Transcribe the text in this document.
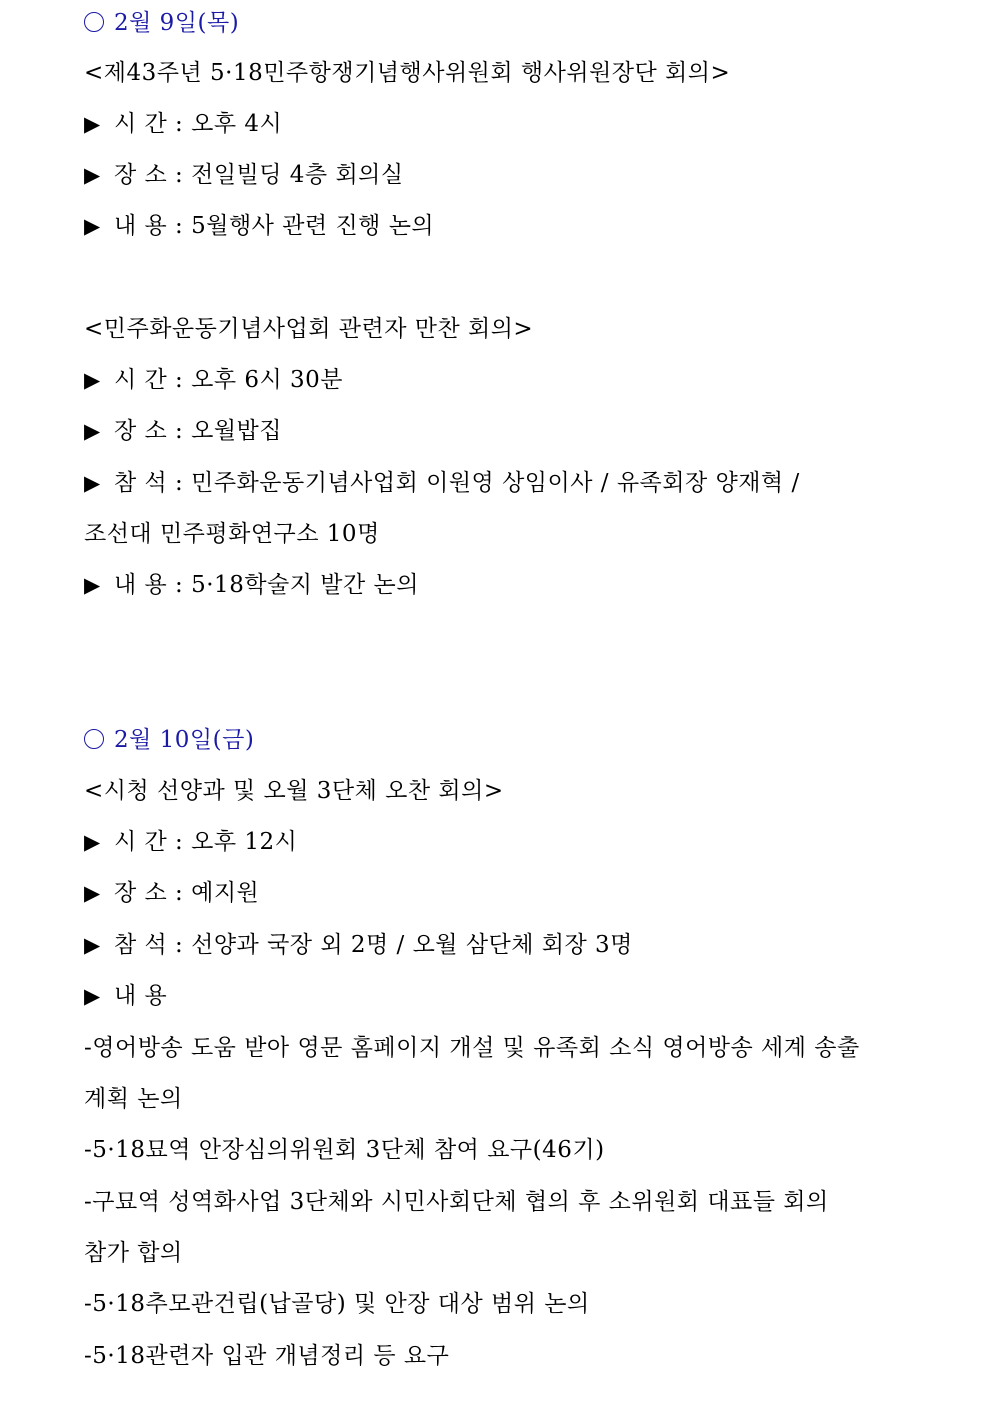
2월 9일(목)
<제43주년 5·18민주항쟁기념행사위원회 행사위원장단 회의>
▶ 시 간 : 오후 4시
▶ 장 소 : 전일빌딩 4층 회의실
▶ 내 용 : 5월행사 관련 진행 논의
<민주화운동기념사업회 관련자 만찬 회의>
▶ 시 간 : 오후 6시 30분
▶ 장 소 : 오월밥집
▶ 참 석 : 민주화운동기념사업회 이원영 상임이사 / 유족회장 양재혁 /
조선대 민주평화연구소 10명
▶ 내 용 : 5·18학술지 발간 논의
2월 10일(금)
<시청 선양과 및 오월 3단체 오찬 회의>
▶ 시 간 : 오후 12시
▶ 장 소 : 예지원
▶ 참 석 : 선양과 국장 외 2명 / 오월 삼단체 회장 3명
▶ 내 용
-영어방송 도움 받아 영문 홈페이지 개설 및 유족회 소식 영어방송 세계 송출
계획 논의
-5·18묘역 안장심의위원회 3단체 참여 요구(46기)
-구묘역 성역화사업 3단체와 시민사회단체 협의 후 소위원회 대표들 회의
참가 합의
-5·18추모관건립(납골당) 및 안장 대상 범위 논의
-5·18관련자 입관 개념정리 등 요구
